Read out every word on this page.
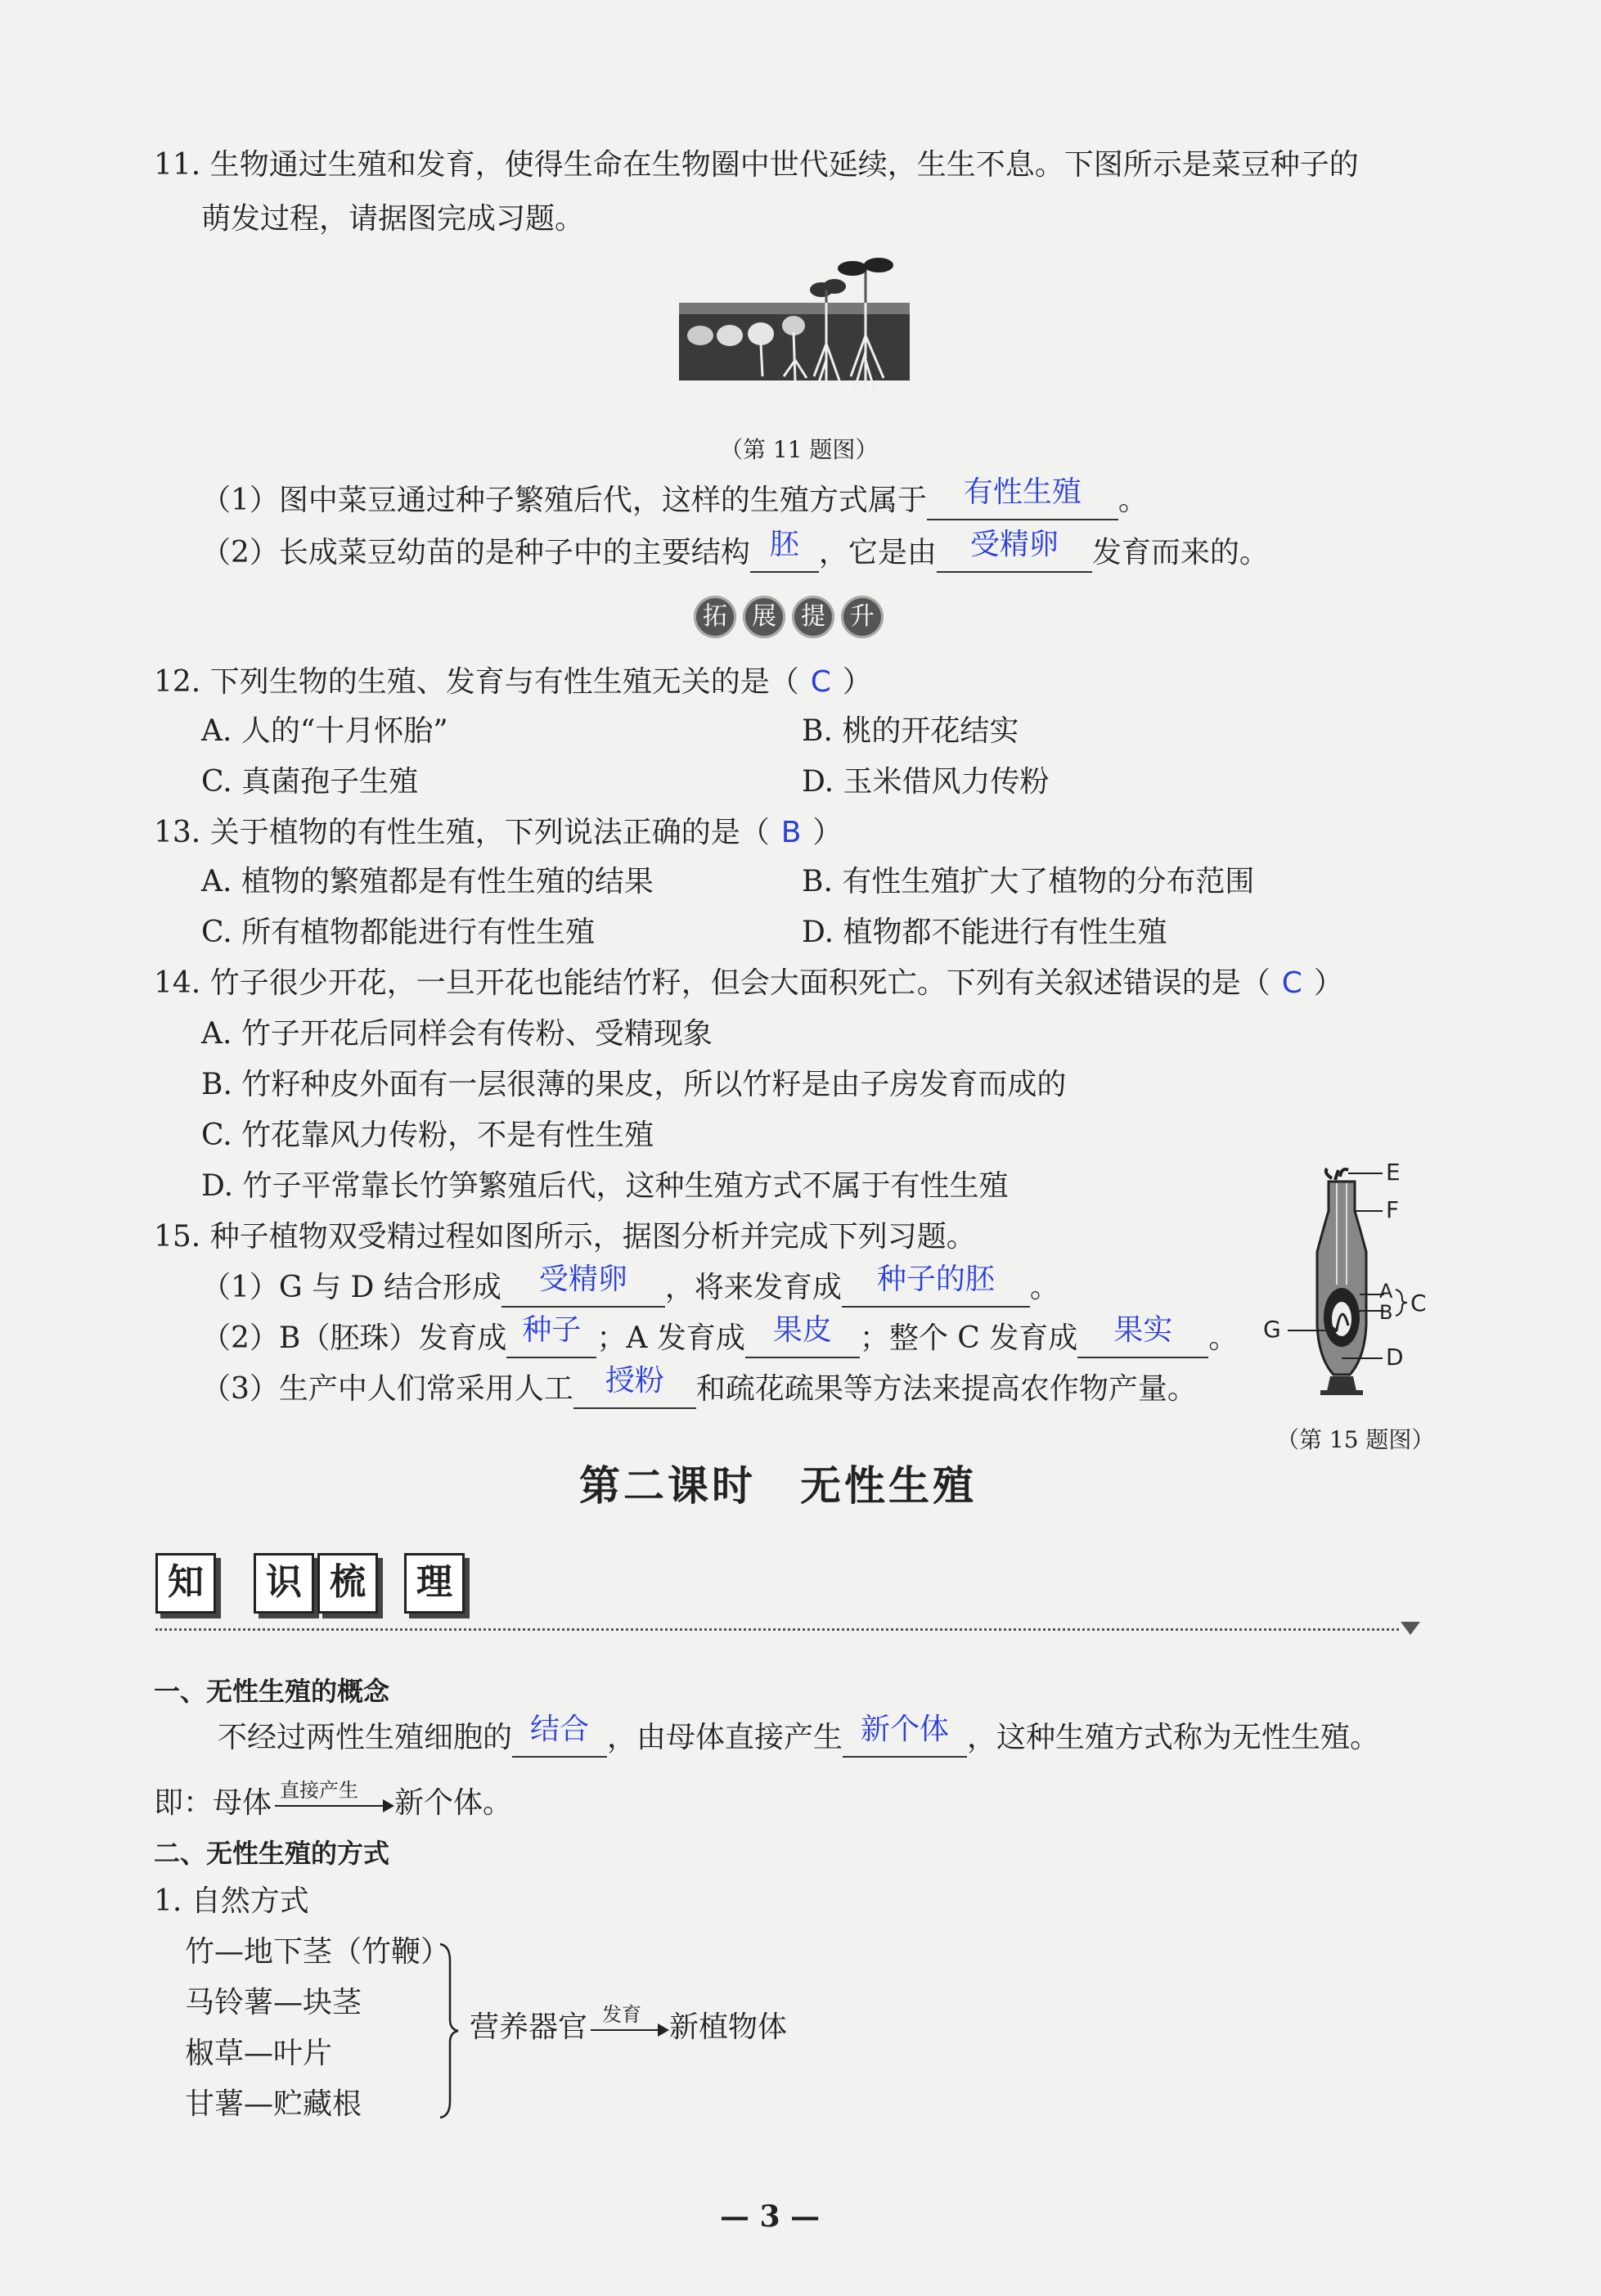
11. 生物通过生殖和发育，使得生命在生物圈中世代延续，生生不息。下图所示是菜豆种子的
萌发过程，请据图完成习题。
（第 11 题图）
（1）图中菜豆通过种子繁殖后代，这样的生殖方式属于 有性生殖 。
（2）长成菜豆幼苗的是种子中的主要结构 胚 ，它是由 受精卵 发育而来的。
拓	展	提	升
12. 下列生物的生殖、发育与有性生殖无关的是（ C ）
A. 人的“十月怀胎”	B. 桃的开花结实
C. 真菌孢子生殖	D. 玉米借风力传粉
13. 关于植物的有性生殖，下列说法正确的是（ B ）
A. 植物的繁殖都是有性生殖的结果	B. 有性生殖扩大了植物的分布范围
C. 所有植物都能进行有性生殖	D. 植物都不能进行有性生殖
14. 竹子很少开花，一旦开花也能结竹籽，但会大面积死亡。下列有关叙述错误的是（ C ）
A. 竹子开花后同样会有传粉、受精现象
B. 竹籽种皮外面有一层很薄的果皮，所以竹籽是由子房发育而成的
C. 竹花靠风力传粉，不是有性生殖
D. 竹子平常靠长竹笋繁殖后代，这种生殖方式不属于有性生殖
15. 种子植物双受精过程如图所示，据图分析并完成下列习题。
（1）G 与 D 结合形成 受精卵 ，将来发育成 种子的胚 。
（2）B（胚珠）发育成 种子 ；A 发育成 果皮 ；整个 C 发育成 果实 。
（3）生产中人们常采用人工 授粉 和疏花疏果等方法来提高农作物产量。
E
F
A
B C
G
D
（第 15 题图）
第二课时　无性生殖
知	识 梳	理
一、无性生殖的概念
不经过两性生殖细胞的 结合 ，由母体直接产生 新个体 ，这种生殖方式称为无性生殖。
即：母体 直接产生 新个体。
二、无性生殖的方式
1. 自然方式
竹—地下茎（竹鞭）
马铃薯—块茎
椒草—叶片
甘薯—贮藏根
营养器官 发育 新植物体
— 3 —
